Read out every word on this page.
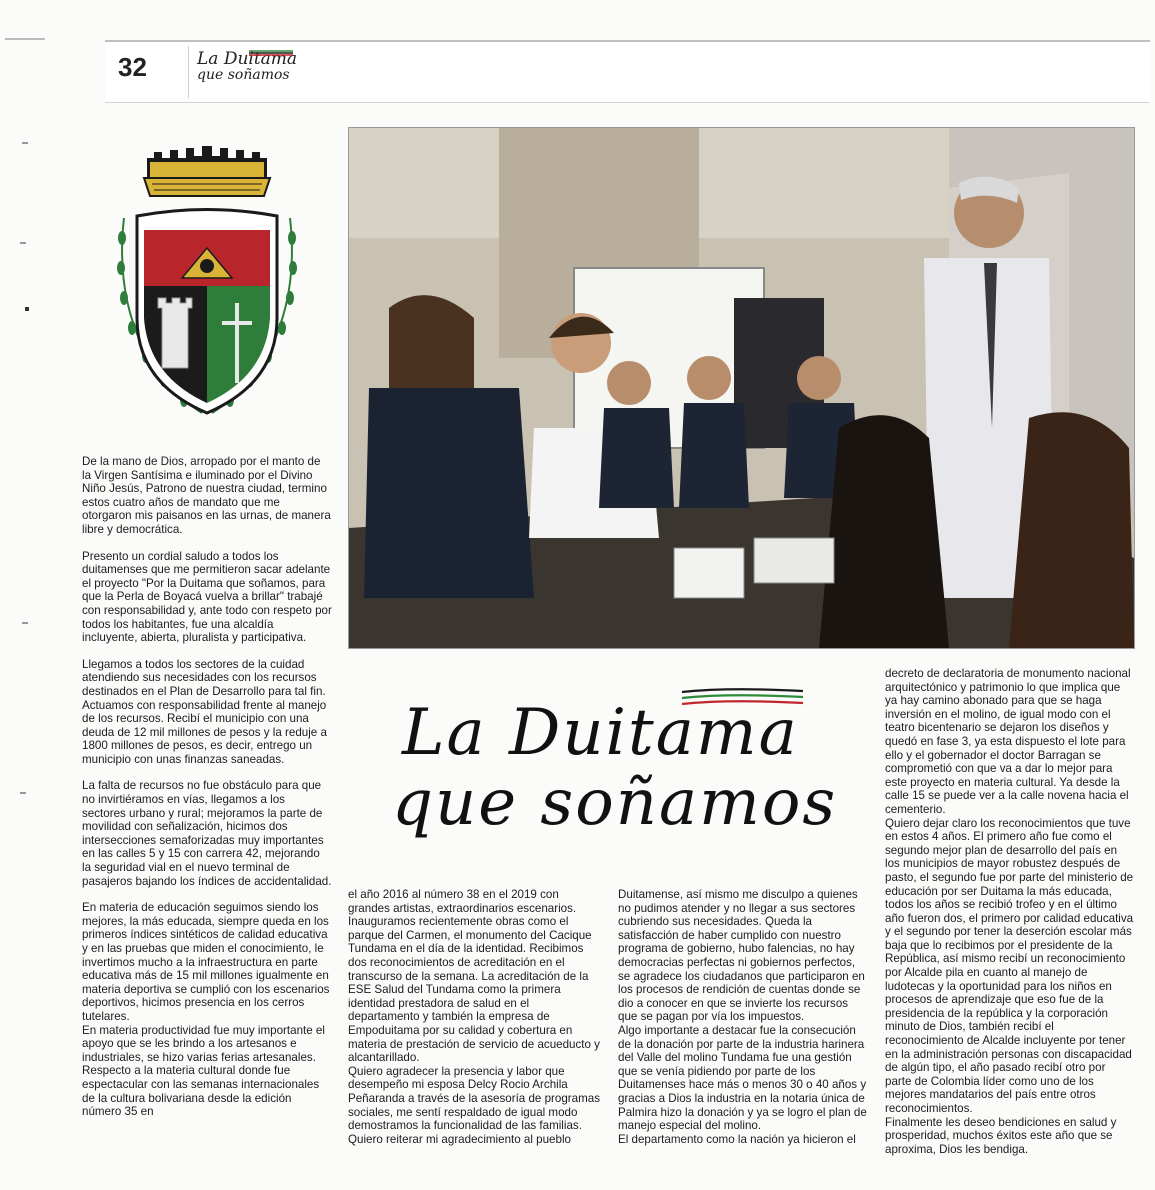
32	La Duitama
que soñamos

De la mano de Dios, arropado por el manto de la Virgen Santísima e iluminado por el Divino Niño Jesús, Patrono de nuestra ciudad, termino estos cuatro años de mandato que me otorgaron mis paisanos en las urnas, de manera libre y democrática.

Presento un cordial saludo a todos los duitamenses que me permitieron sacar adelante el proyecto "Por la Duitama que soñamos, para que la Perla de Boyacá vuelva a brillar" trabajé con responsabilidad y, ante todo con respeto por todos los habitantes, fue una alcaldía incluyente, abierta, pluralista y participativa.

Llegamos a todos los sectores de la cuidad atendiendo sus necesidades con los recursos destinados en el Plan de Desarrollo para tal fin. Actuamos con responsabilidad frente al manejo de los recursos. Recibí el municipio con una deuda de 12 mil millones de pesos y la reduje a 1800 millones de pesos, es decir, entrego un municipio con unas finanzas saneadas.

La falta de recursos no fue obstáculo para que no invirtiéramos en vías, llegamos a los sectores urbano y rural; mejoramos la parte de movilidad con señalización, hicimos dos intersecciones semaforizadas muy importantes en las calles 5 y 15 con carrera 42, mejorando la seguridad vial en el nuevo terminal de pasajeros bajando los índices de accidentalidad.

En materia de educación seguimos siendo los mejores, la más educada, siempre queda en los primeros índices sintéticos de calidad educativa y en las pruebas que miden el conocimiento, le invertimos mucho a la infraestructura en parte educativa más de 15 mil millones igualmente en materia deportiva se cumplió con los escenarios deportivos, hicimos presencia en los cerros tutelares.

En materia productividad fue muy importante el apoyo que se les brindo a los artesanos e industriales, se hizo varias ferias artesanales.

Respecto a la materia cultural donde fue espectacular con las semanas internacionales de la cultura bolivariana desde la edición número 35 en

La Duitama
que soñamos

el año 2016 al número 38 en el 2019 con grandes artistas, extraordinarios escenarios.

Inauguramos recientemente obras como el parque del Carmen, el monumento del Cacique Tundama en el día de la identidad. Recibimos dos reconocimientos de acreditación en el transcurso de la semana. La acreditación de la ESE Salud del Tundama como la primera identidad prestadora de salud en el departamento y también la empresa de Empoduitama por su calidad y cobertura en materia de prestación de servicio de acueducto y alcantarillado.

Quiero agradecer la presencia y labor que desempeño mi esposa Delcy Rocio Archila Peñaranda a través de la asesoría de programas sociales, me sentí respaldado de igual modo demostramos la funcionalidad de las familias.

Quiero reiterar mi agradecimiento al pueblo

Duitamense, así mismo me disculpo a quienes no pudimos atender y no llegar a sus sectores cubriendo sus necesidades. Queda la satisfacción de haber cumplido con nuestro programa de gobierno, hubo falencias, no hay democracias perfectas ni gobiernos perfectos, se agradece los ciudadanos que participaron en los procesos de rendición de cuentas donde se dio a conocer en que se invierte los recursos que se pagan por vía los impuestos.

Algo importante a destacar fue la consecución de la donación por parte de la industria harinera del Valle del molino Tundama fue una gestión que se venía pidiendo por parte de los Duitamenses hace más o menos 30 o 40 años y gracias a Dios la industria en la notaria única de Palmira hizo la donación y ya se logro el plan de manejo especial del molino.

El departamento como la nación ya hicieron el

decreto de declaratoria de monumento nacional arquitectónico y patrimonio lo que implica que ya hay camino abonado para que se haga inversión en el molino, de igual modo con el teatro bicentenario se dejaron los diseños y quedó en fase 3, ya esta dispuesto el lote para ello y el gobernador el doctor Barragan se comprometió con que va a dar lo mejor para este proyecto en materia cultural. Ya desde la calle 15 se puede ver a la calle novena hacia el cementerio.

Quiero dejar claro los reconocimientos que tuve en estos 4 años. El primero año fue como el segundo mejor plan de desarrollo del país en los municipios de mayor robustez después de pasto, el segundo fue por parte del ministerio de educación por ser Duitama la más educada, todos los años se recibió trofeo y en el último año fueron dos, el primero por calidad educativa y el segundo por tener la deserción escolar más baja que lo recibimos por el presidente de la República, así mismo recibí un reconocimiento por Alcalde pila en cuanto al manejo de ludotecas y la oportunidad para los niños en procesos de aprendizaje que eso fue de la presidencia de la república y la corporación minuto de Dios, también recibí el reconocimiento de Alcalde incluyente por tener en la administración personas con discapacidad de algún tipo, el año pasado recibí otro por parte de Colombia líder como uno de los mejores mandatarios del país entre otros reconocimientos.

Finalmente les deseo bendiciones en salud y prosperidad, muchos éxitos este año que se aproxima, Dios les bendiga.
